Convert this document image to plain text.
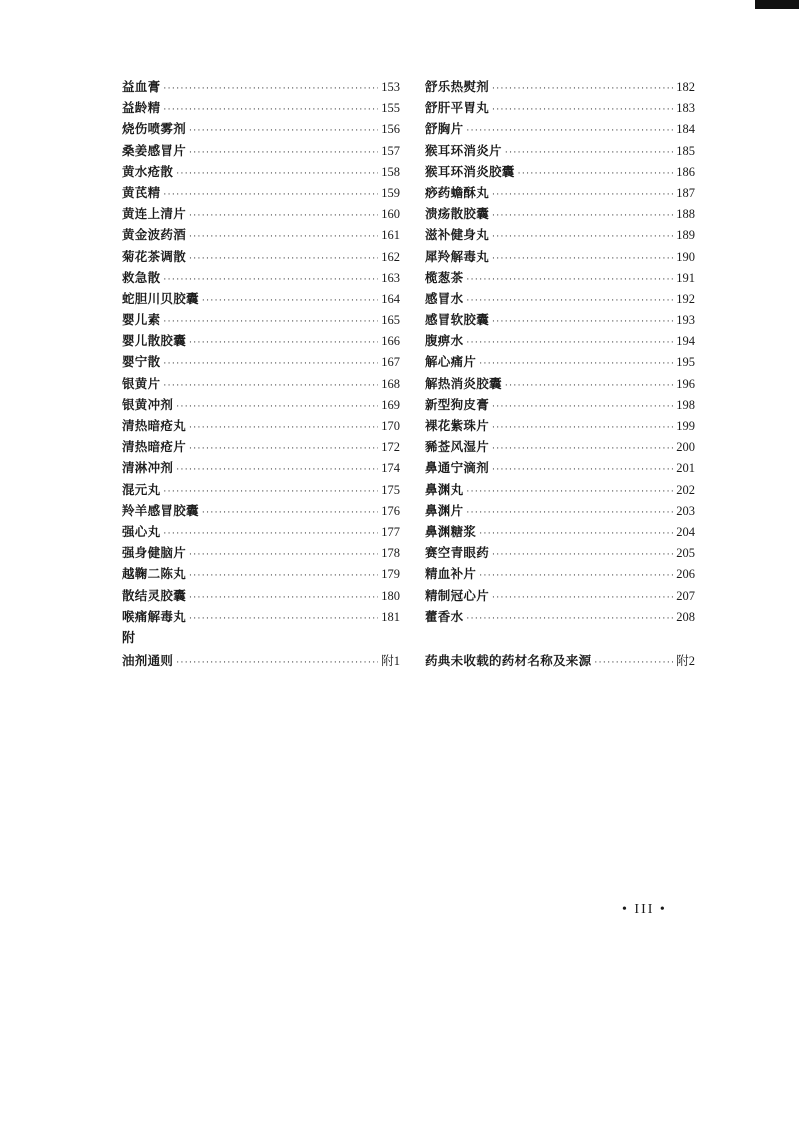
益血膏 ·····	153
益龄精 ·····	155
烧伤喷雾剂 ·····	156
桑姜感冒片 ·····	157
黄水疮散 ·····	158
黄芪精 ·····	159
黄连上清片 ·····	160
黄金波药酒 ·····	161
菊花茶调散 ·····	162
救急散 ·····	163
蛇胆川贝胶囊 ·····	164
婴儿素 ·····	165
婴儿散胶囊 ·····	166
婴宁散 ·····	167
银黄片 ·····	168
银黄冲剂 ·····	169
清热暗疮丸 ·····	170
清热暗疮片 ·····	172
清淋冲剂 ·····	174
混元丸 ·····	175
羚羊感冒胶囊 ·····	176
强心丸 ·····	177
强身健脑片 ·····	178
越鞠二陈丸 ·····	179
散结灵胶囊 ·····	180
喉痛解毒丸 ·····	181
舒乐热熨剂 ·····	182
舒肝平胃丸 ·····	183
舒胸片 ·····	184
猴耳环消炎片 ·····	185
猴耳环消炎胶囊 ·····	186
痧药蟾酥丸 ·····	187
溃疡散胶囊 ·····	188
滋补健身丸 ·····	189
犀羚解毒丸 ·····	190
榄葱茶 ·····	191
感冒水 ·····	192
感冒软胶囊 ·····	193
腹痹水 ·····	194
解心痛片 ·····	195
解热消炎胶囊 ·····	196
新型狗皮膏 ·····	198
裸花紫珠片 ·····	199
豨莶风湿片 ·····	200
鼻通宁滴剂 ·····	201
鼻渊丸 ·····	202
鼻渊片 ·····	203
鼻渊糖浆 ·····	204
赛空青眼药 ·····	205
精血补片 ·····	206
精制冠心片 ·····	207
藿香水 ·····	208
附
油剂通则 ·····	附1 药典未收载的药材名称及来源 ·····	附2
• III •
